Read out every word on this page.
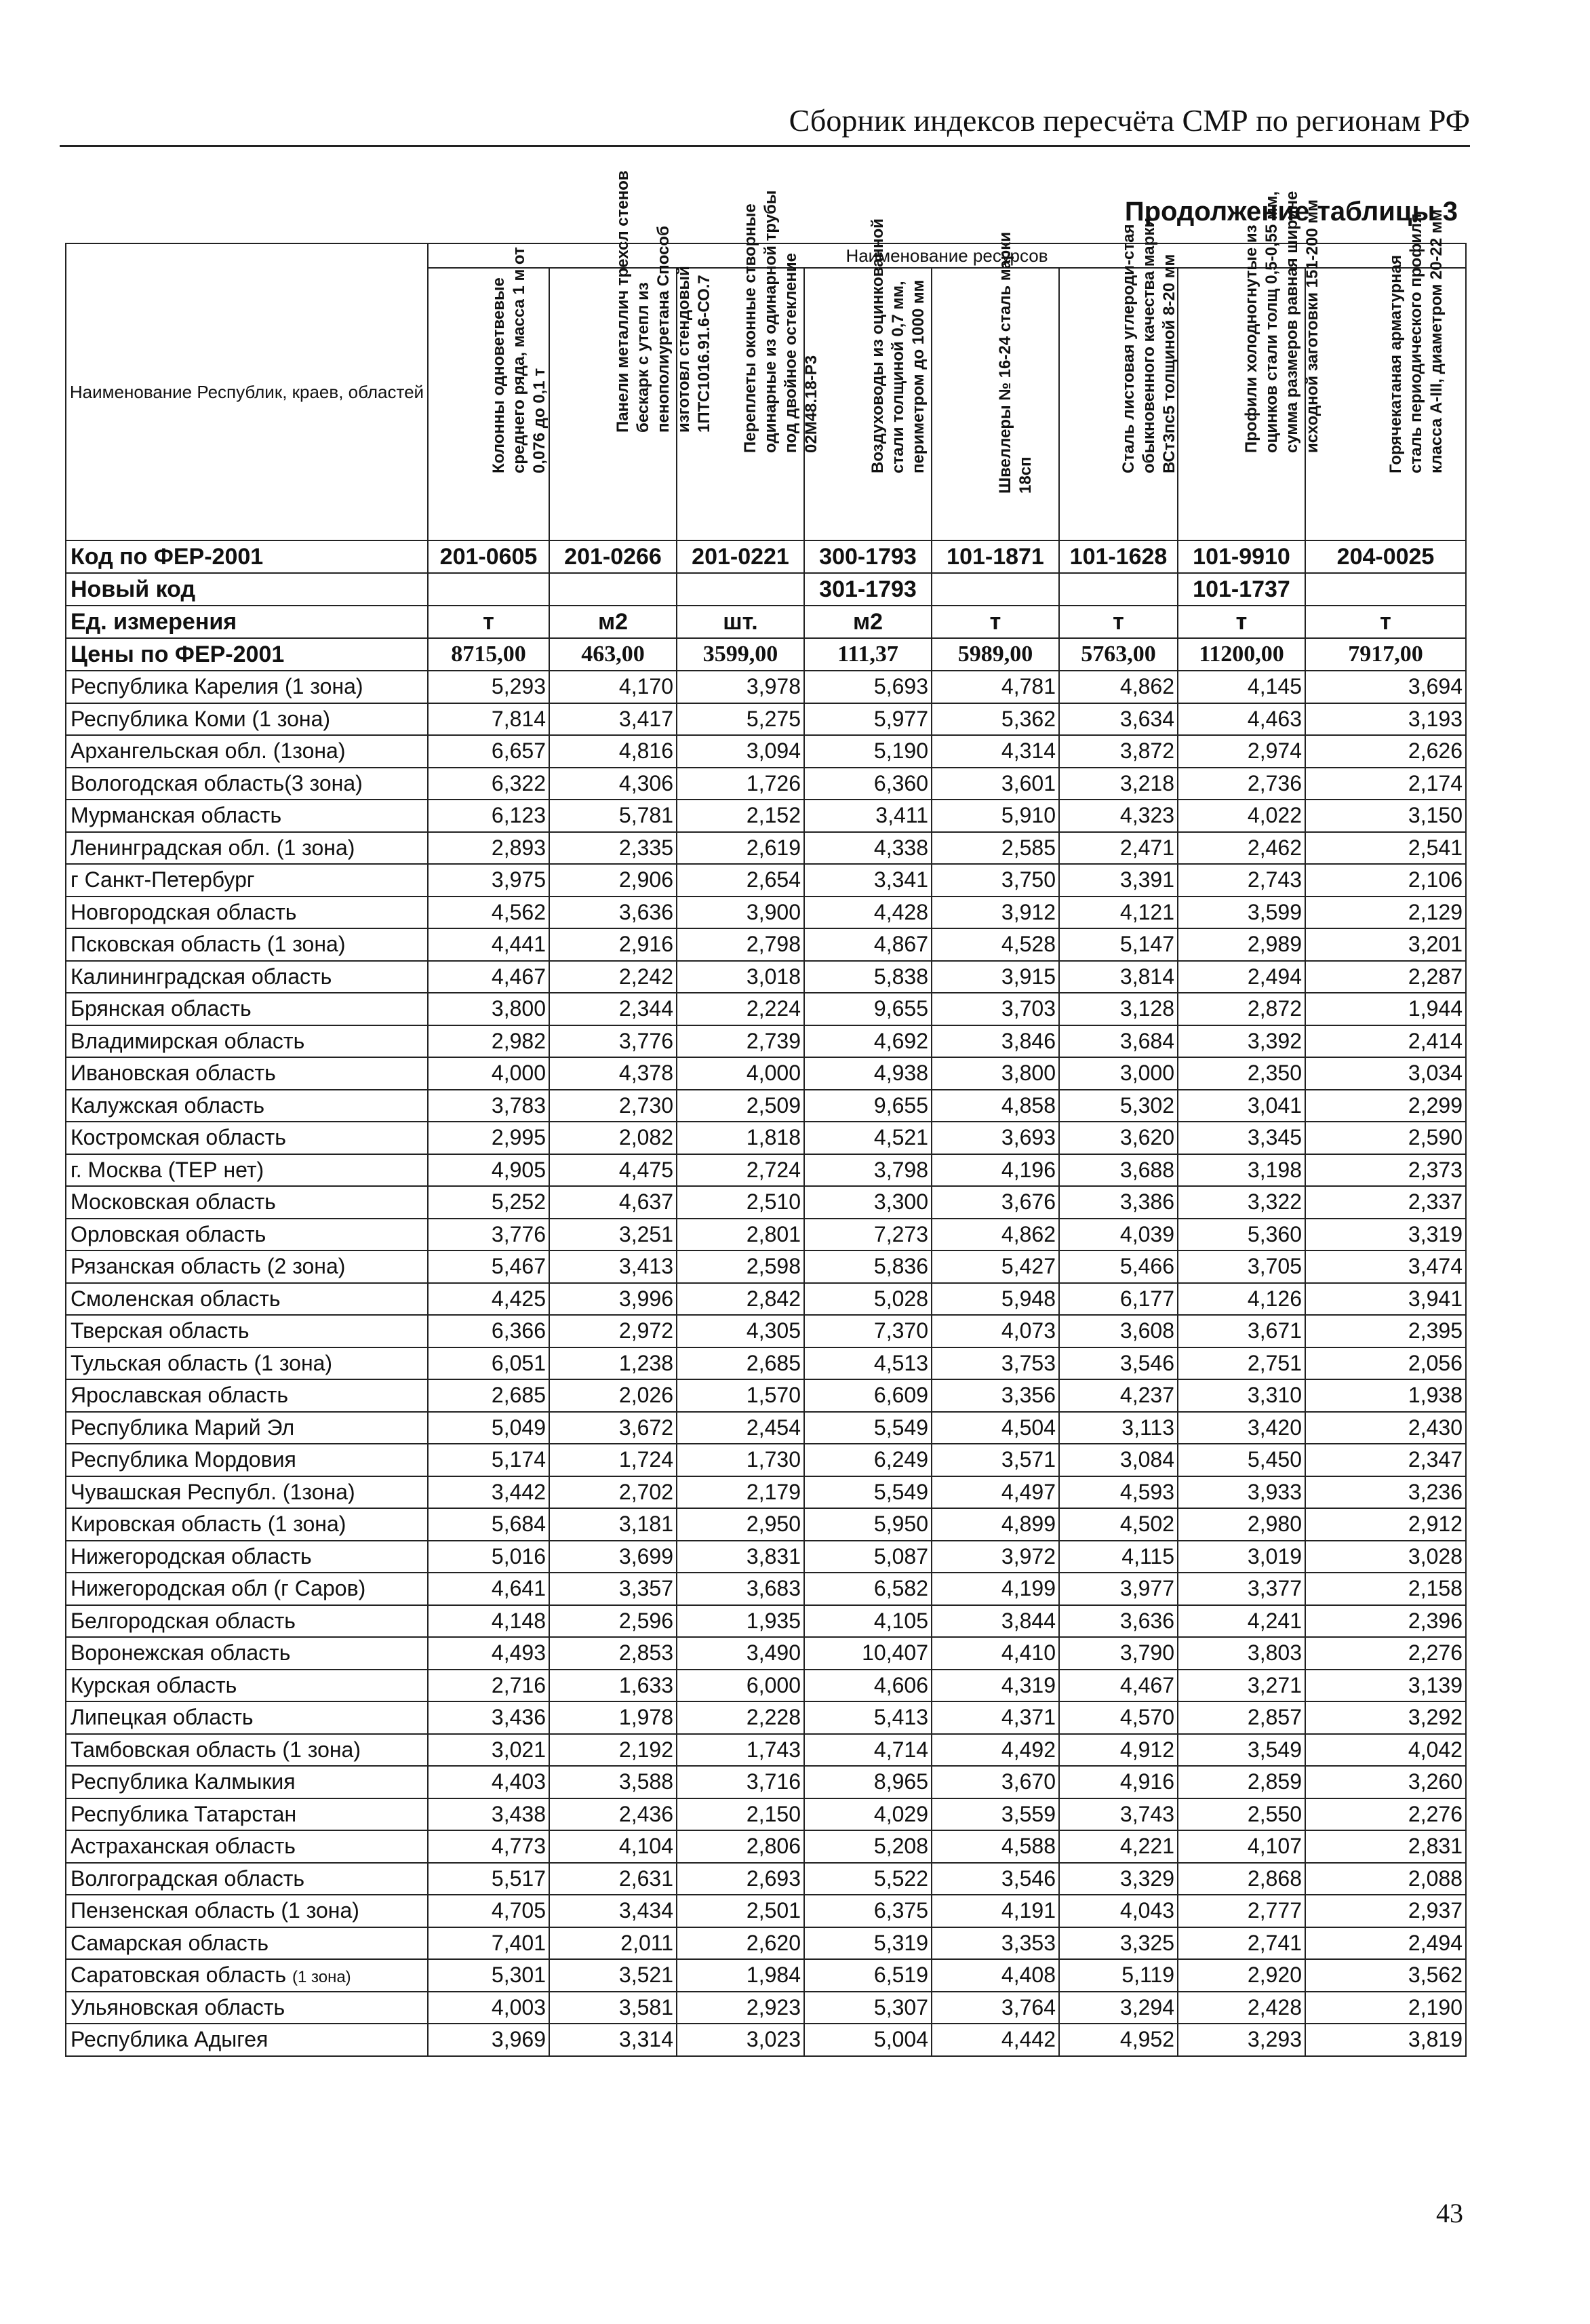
Сборник индексов пересчёта СМР по регионам РФ
Продолжение таблицы 3
Наименование Республик, краев, областей	Наименование ресурсов							

	Колонны одноветвевые среднего ряда, масса 1 м от 0,076 до 0,1 т	Панели металлич трехсл стенов бескарк с утепл из пенополиуретана Способ изготовл стендовый 1ПТС1016.91.6-СО.7	Переплеты оконные створные одинарные из одинарной трубы под двойное остекление 02М48.18-Р3	Воздуховоды из оцинкованной стали толщиной 0,7 мм, периметром до 1000 мм	Швеллеры № 16-24 сталь марки 18сп	Сталь листовая углероди-стая обыкновенного качества марки ВСт3пс5 толщиной 8-20 мм	Профили холодногнутые из оцинков стали толщ 0,5-0,55 мм, сумма размеров равная ширине исходной заготовки 151-200 мм	Горячекатаная арматурная сталь периодического профиля класса А-III, диаметром 20-22 мм

Код по ФЕР-2001	201-0605	201-0266	201-0221	300-1793	101-1871	101-1628	101-9910	204-0025
Новый код				301-1793			101-1737	
Ед. измерения	т	м2	шт.	м2	т	т	т	т
Цены по ФЕР-2001	8715,00	463,00	3599,00	111,37	5989,00	5763,00	11200,00	7917,00
Республика Карелия (1 зона)	5,293	4,170	3,978	5,693	4,781	4,862	4,145	3,694
Республика Коми (1 зона)	7,814	3,417	5,275	5,977	5,362	3,634	4,463	3,193
Архангельская обл. (1зона)	6,657	4,816	3,094	5,190	4,314	3,872	2,974	2,626
Вологодская область(3 зона)	6,322	4,306	1,726	6,360	3,601	3,218	2,736	2,174
Мурманская область	6,123	5,781	2,152	3,411	5,910	4,323	4,022	3,150
Ленинградская обл. (1 зона)	2,893	2,335	2,619	4,338	2,585	2,471	2,462	2,541
г Санкт-Петербург	3,975	2,906	2,654	3,341	3,750	3,391	2,743	2,106
Новгородская область	4,562	3,636	3,900	4,428	3,912	4,121	3,599	2,129
Псковская область (1 зона)	4,441	2,916	2,798	4,867	4,528	5,147	2,989	3,201
Калининградская область	4,467	2,242	3,018	5,838	3,915	3,814	2,494	2,287
Брянская область	3,800	2,344	2,224	9,655	3,703	3,128	2,872	1,944
Владимирская область	2,982	3,776	2,739	4,692	3,846	3,684	3,392	2,414
Ивановская область	4,000	4,378	4,000	4,938	3,800	3,000	2,350	3,034
Калужская область	3,783	2,730	2,509	9,655	4,858	5,302	3,041	2,299
Костромская область	2,995	2,082	1,818	4,521	3,693	3,620	3,345	2,590
г. Москва (ТЕР нет)	4,905	4,475	2,724	3,798	4,196	3,688	3,198	2,373
Московская область	5,252	4,637	2,510	3,300	3,676	3,386	3,322	2,337
Орловская область	3,776	3,251	2,801	7,273	4,862	4,039	5,360	3,319
Рязанская область (2 зона)	5,467	3,413	2,598	5,836	5,427	5,466	3,705	3,474
Смоленская область	4,425	3,996	2,842	5,028	5,948	6,177	4,126	3,941
Тверская область	6,366	2,972	4,305	7,370	4,073	3,608	3,671	2,395
Тульская область (1 зона)	6,051	1,238	2,685	4,513	3,753	3,546	2,751	2,056
Ярославская область	2,685	2,026	1,570	6,609	3,356	4,237	3,310	1,938
Республика Марий Эл	5,049	3,672	2,454	5,549	4,504	3,113	3,420	2,430
Республика Мордовия	5,174	1,724	1,730	6,249	3,571	3,084	5,450	2,347
Чувашская Республ. (1зона)	3,442	2,702	2,179	5,549	4,497	4,593	3,933	3,236
Кировская область (1 зона)	5,684	3,181	2,950	5,950	4,899	4,502	2,980	2,912
Нижегородская область	5,016	3,699	3,831	5,087	3,972	4,115	3,019	3,028
Нижегородская обл (г Саров)	4,641	3,357	3,683	6,582	4,199	3,977	3,377	2,158
Белгородская область	4,148	2,596	1,935	4,105	3,844	3,636	4,241	2,396
Воронежская область	4,493	2,853	3,490	10,407	4,410	3,790	3,803	2,276
Курская область	2,716	1,633	6,000	4,606	4,319	4,467	3,271	3,139
Липецкая область	3,436	1,978	2,228	5,413	4,371	4,570	2,857	3,292
Тамбовская область (1 зона)	3,021	2,192	1,743	4,714	4,492	4,912	3,549	4,042
Республика Калмыкия	4,403	3,588	3,716	8,965	3,670	4,916	2,859	3,260
Республика Татарстан	3,438	2,436	2,150	4,029	3,559	3,743	2,550	2,276
Астраханская область	4,773	4,104	2,806	5,208	4,588	4,221	4,107	2,831
Волгоградская область	5,517	2,631	2,693	5,522	3,546	3,329	2,868	2,088
Пензенская область (1 зона)	4,705	3,434	2,501	6,375	4,191	4,043	2,777	2,937
Самарская область	7,401	2,011	2,620	5,319	3,353	3,325	2,741	2,494
Саратовская область (1 зона)	5,301	3,521	1,984	6,519	4,408	5,119	2,920	3,562
Ульяновская область	4,003	3,581	2,923	5,307	3,764	3,294	2,428	2,190
Республика Адыгея	3,969	3,314	3,023	5,004	4,442	4,952	3,293	3,819
43
